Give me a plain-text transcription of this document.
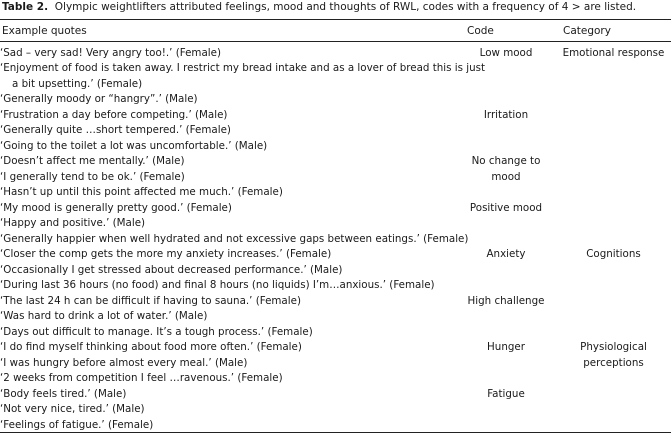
Table 2. Olympic weightlifters attributed feelings, mood and thoughts of RWL, codes with a frequency of 4 > are listed.
Example quotes	Code	Category
‘Sad – very sad! Very angry too!.’ (Female)	Low mood	Emotional response
‘Enjoyment of food is taken away. I restrict my bread intake and as a lover of bread this is just
a bit upsetting.’ (Female)
‘Generally moody or “hangry”.’ (Male)
‘Frustration a day before competing.’ (Male)	Irritation
‘Generally quite …short tempered.’ (Female)
‘Going to the toilet a lot was uncomfortable.’ (Male)
‘Doesn’t affect me mentally.’ (Male)	No change to
‘I generally tend to be ok.’ (Female)	mood
‘Hasn’t up until this point affected me much.’ (Female)
‘My mood is generally pretty good.’ (Female)	Positive mood
‘Happy and positive.’ (Male)
‘Generally happier when well hydrated and not excessive gaps between eatings.’ (Female)
‘Closer the comp gets the more my anxiety increases.’ (Female)	Anxiety	Cognitions
‘Occasionally I get stressed about decreased performance.’ (Male)
‘During last 36 hours (no food) and final 8 hours (no liquids) I’m…anxious.’ (Female)
‘The last 24 h can be difficult if having to sauna.’ (Female)	High challenge
‘Was hard to drink a lot of water.’ (Male)
‘Days out difficult to manage. It’s a tough process.’ (Female)
‘I do find myself thinking about food more often.’ (Female)	Hunger	Physiological
‘I was hungry before almost every meal.’ (Male)	perceptions
‘2 weeks from competition I feel …ravenous.’ (Female)
‘Body feels tired.’ (Male)	Fatigue
‘Not very nice, tired.’ (Male)
‘Feelings of fatigue.’ (Female)
